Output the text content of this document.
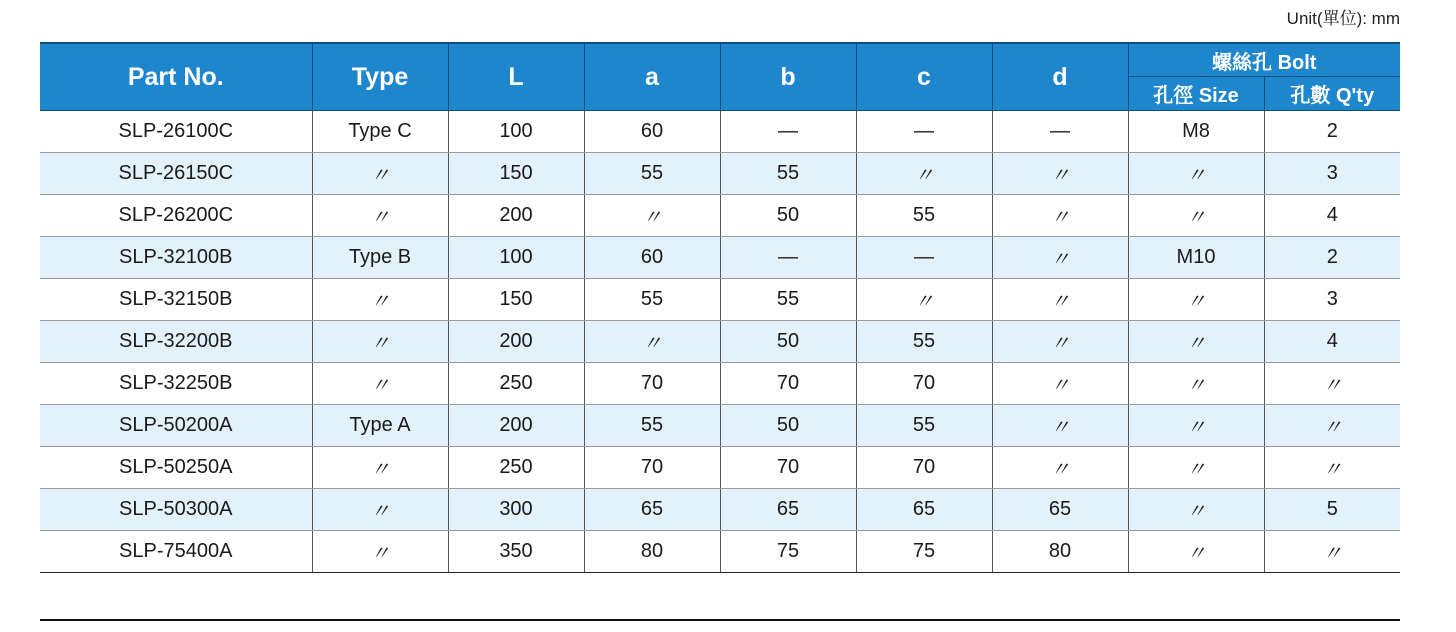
Unit(單位): mm
Part No.	Type	L	a	b	c	d	螺絲孔 Bolt	
							孔徑 Size	孔數 Q'ty
SLP-26100C	Type C	100	60	—	—	—	M8	2
SLP-26150C	〃	150	55	55	〃	〃	〃	3
SLP-26200C	〃	200	〃	50	55	〃	〃	4
SLP-32100B	Type B	100	60	—	—	〃	M10	2
SLP-32150B	〃	150	55	55	〃	〃	〃	3
SLP-32200B	〃	200	〃	50	55	〃	〃	4
SLP-32250B	〃	250	70	70	70	〃	〃	〃
SLP-50200A	Type A	200	55	50	55	〃	〃	〃
SLP-50250A	〃	250	70	70	70	〃	〃	〃
SLP-50300A	〃	300	65	65	65	65	〃	5
SLP-75400A	〃	350	80	75	75	80	〃	〃
